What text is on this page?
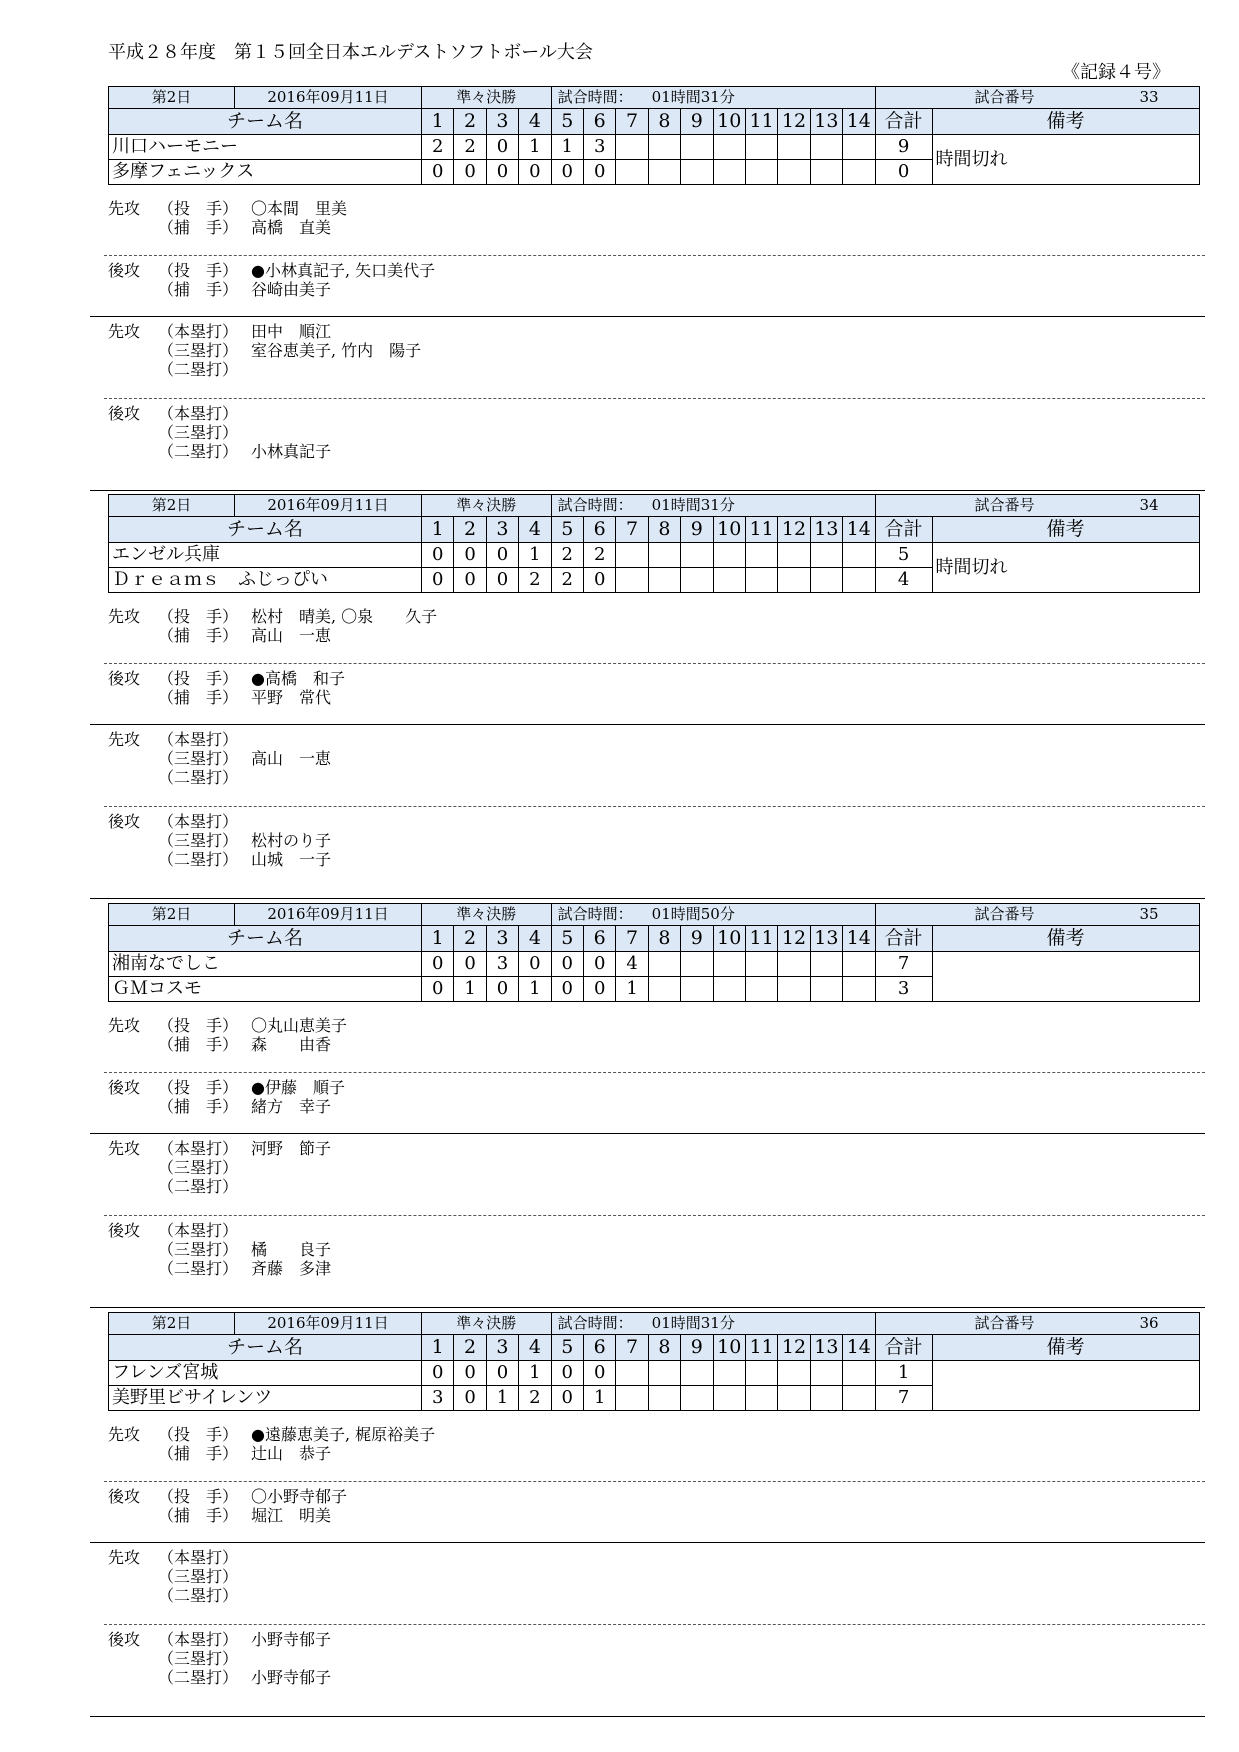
平成２８年度　第１５回全日本エルデストソフトボール大会
《記録４号》
第2日 2016年09月11日	準々決勝				試合時間： 01時間31分										試合番号 33	

チーム名	1	2	3	4	5	6	7	8	9	10	11	12	13	14	合計	備考
川口ハーモニー	2	2	0	1	1	3									9	時間切れ
多摩フェニックス	0	0	0	0	0	0									0	
先攻	（投　手） 〇本間　里美
（捕　手） 高橋　直美
後攻	（投　手） ●小林真記子, 矢口美代子
（捕　手） 谷崎由美子
先攻	（本塁打） 田中　順江
（三塁打） 室谷恵美子, 竹内　陽子
（二塁打）
後攻	（本塁打）
（三塁打）
（二塁打） 小林真記子
第2日 2016年09月11日	準々決勝				試合時間： 01時間31分										試合番号 34	

チーム名	1	2	3	4	5	6	7	8	9	10	11	12	13	14	合計	備考
エンゼル兵庫	0	0	0	1	2	2									5	時間切れ
Ｄｒｅａｍｓ　ふじっぴい	0	0	0	2	2	0									4	
先攻	（投　手） 松村　晴美, 〇泉　　久子
（捕　手） 高山　一恵
後攻	（投　手） ●高橋　和子
（捕　手） 平野　常代
先攻	（本塁打）
（三塁打） 高山　一恵
（二塁打）
後攻	（本塁打）
（三塁打） 松村のり子
（二塁打） 山城　一子
第2日 2016年09月11日	準々決勝				試合時間： 01時間50分										試合番号 35	

チーム名	1	2	3	4	5	6	7	8	9	10	11	12	13	14	合計	備考
湘南なでしこ	0	0	3	0	0	0	4								7	
ＧＭコスモ	0	1	0	1	0	0	1								3	
先攻	（投　手） 〇丸山恵美子
（捕　手） 森　　由香
後攻	（投　手） ●伊藤　順子
（捕　手） 緒方　幸子
先攻	（本塁打） 河野　節子
（三塁打）
（二塁打）
後攻	（本塁打）
（三塁打） 橘　　良子
（二塁打） 斉藤　多津
第2日 2016年09月11日	準々決勝				試合時間： 01時間31分										試合番号 36	

チーム名	1	2	3	4	5	6	7	8	9	10	11	12	13	14	合計	備考
フレンズ宮城	0	0	0	1	0	0									1	
美野里ビサイレンツ	3	0	1	2	0	1									7	
先攻	（投　手） ●遠藤恵美子, 梶原裕美子
（捕　手） 辻山　恭子
後攻	（投　手） 〇小野寺郁子
（捕　手） 堀江　明美
先攻	（本塁打）
（三塁打）
（二塁打）
後攻	（本塁打） 小野寺郁子
（三塁打）
（二塁打） 小野寺郁子
